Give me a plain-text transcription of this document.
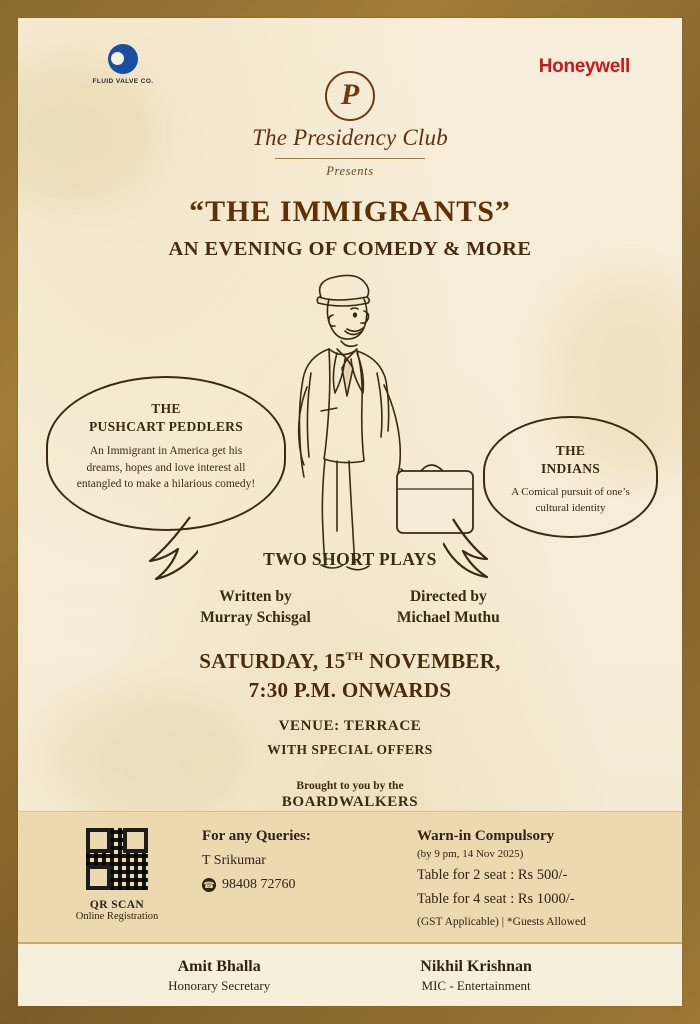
FLUID VALVE CO.
Honeywell
P
The Presidency Club
Presents
“THE IMMIGRANTS”
AN EVENING OF COMEDY & MORE
THE
PUSHCART PEDDLERS

An Immigrant in America get his dreams, hopes and love interest all entangled to make a hilarious comedy!

THE
INDIANS

A Comical pursuit of one’s cultural identity

TWO SHORT PLAYS
Written by
Murray Schisgal
Directed by
Michael Muthu
SATURDAY, 15TH NOVEMBER,
7:30 P.M. ONWARDS
VENUE: TERRACE
WITH SPECIAL OFFERS
Brought to you by the
BOARDWALKERS
QR SCAN
Online Registration
For any Queries:
T Srikumar
☎ 98408 72760
Warn-in Compulsory
(by 9 pm, 14 Nov 2025)
Table for 2 seat : Rs 500/-
Table for 4 seat : Rs 1000/-
(GST Applicable) | *Guests Allowed
Amit Bhalla
Honorary Secretary
Nikhil Krishnan
MIC - Entertainment
